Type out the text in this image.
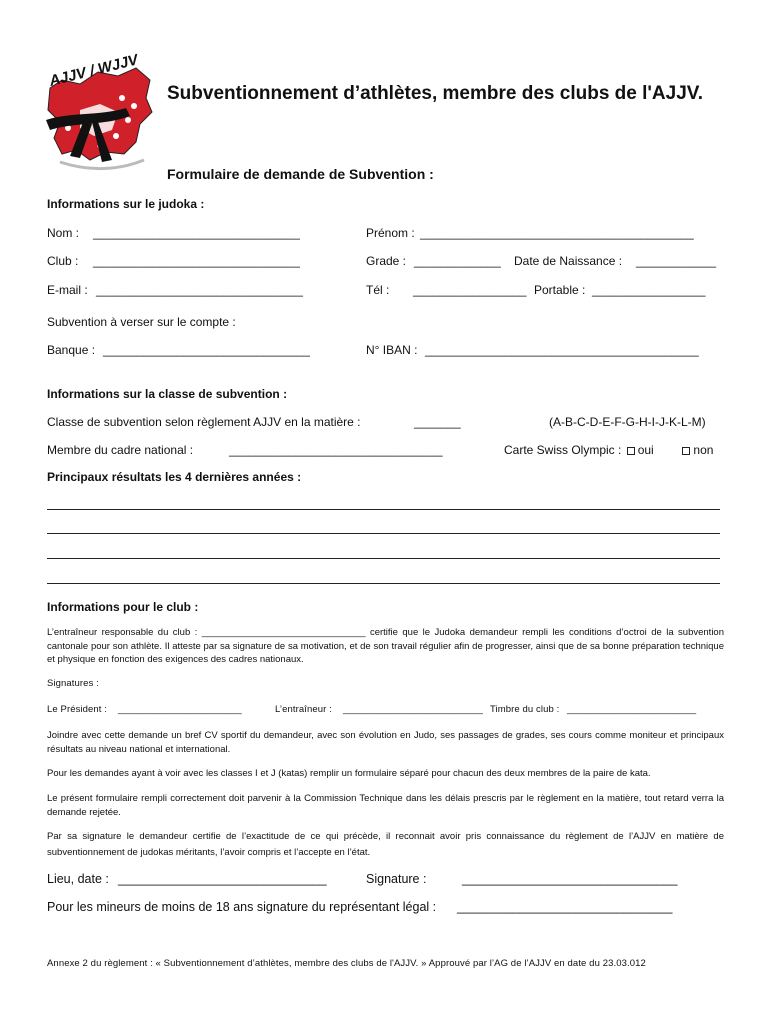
AJJV / WJJV
Subventionnement d’athlètes, membre des clubs de l'AJJV.
Formulaire de demande de Subvention :
Informations sur le judoka :
Nom : _______________________________	Prénom : _________________________________________
Club : _______________________________	Grade : _____________ Date de Naissance : ____________
E-mail : _______________________________	Tél : _________________ Portable : _________________
Subvention à verser sur le compte :
Banque : _______________________________	N° IBAN : _________________________________________
Informations sur la classe de subvention :
Classe de subvention selon règlement AJJV en la matière :	_______	(A-B-C-D-E-F-G-H-I-J-K-L-M)
Membre du cadre national :	________________________________	Carte Swiss Olympic : oui	non
Principaux résultats les 4 dernières années :
Informations pour le club :
L’entraîneur responsable du club : _______________________________ certifie que le Judoka demandeur rempli les conditions d’octroi de la subvention cantonale pour son athlète. Il atteste par sa signature de sa motivation, et de son travail régulier afin de progresser, ainsi que de sa bonne préparation technique et physique en fonction des exigences des cadres nationaux.
Signatures :
Le Président : _______________________	L’entraîneur : __________________________ Timbre du club : ________________________
Joindre avec cette demande un bref CV sportif du demandeur, avec son évolution en Judo, ses passages de grades, ses cours comme moniteur et principaux résultats au niveau national et international.
Pour les demandes ayant à voir avec les classes I et J (katas) remplir un formulaire séparé pour chacun des deux membres de la paire de kata.
Le présent formulaire rempli correctement doit parvenir à la Commission Technique dans les délais prescris par le règlement en la matière, tout retard verra la demande rejetée.
Par sa signature le demandeur certifie de l’exactitude de ce qui précède, il reconnait avoir pris connaissance du règlement de l’AJJV en matière de subventionnement de judokas méritants, l’avoir compris et l’accepte en l’état.
Lieu, date : ______________________________	Signature :	_______________________________
Pour les mineurs de moins de 18 ans signature du représentant légal : _______________________________
Annexe 2 du règlement : « Subventionnement d’athlètes, membre des clubs de l'AJJV. » Approuvé par l’AG de l’AJJV en date du 23.03.012
